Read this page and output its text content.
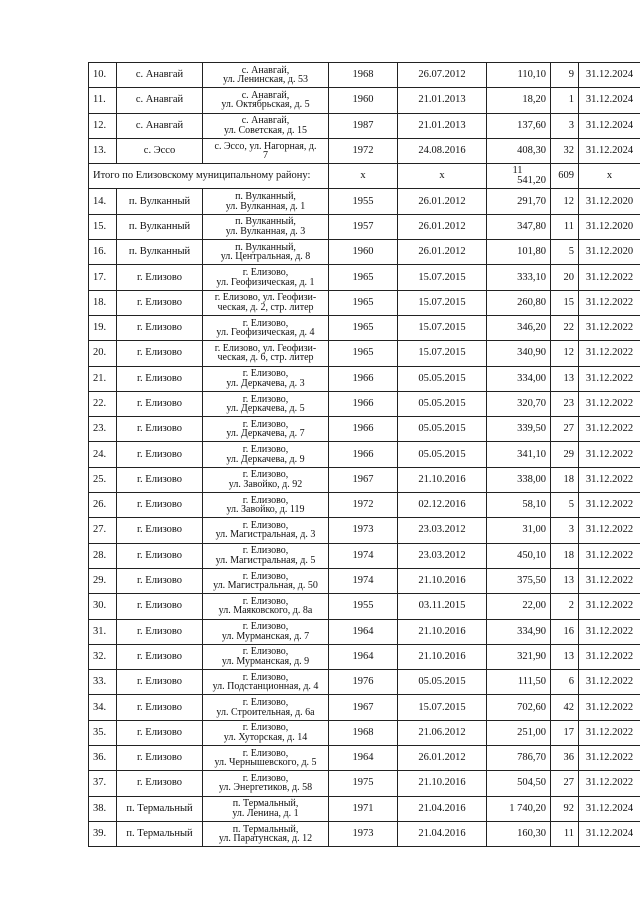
10.	с. Анавгай	с. Анавгай,
ул. Ленинская, д. 53	1968	26.07.2012	110,10	9	31.12.2024
11.	с. Анавгай	с. Анавгай,
ул. Октябрьская, д. 5	1960	21.01.2013	18,20	1	31.12.2024
12.	с. Анавгай	с. Анавгай,
ул. Советская, д. 15	1987	21.01.2013	137,60	3	31.12.2024
13.	с. Эссо	с. Эссо, ул. Нагорная, д.
7	1972	24.08.2016	408,30	32	31.12.2024
Итого по Елизовскому муниципальному району:			х	х	11
541,20	609	х
14.	п. Вулканный	п. Вулканный,
ул. Вулканная, д. 1	1955	26.01.2012	291,70	12	31.12.2020
15.	п. Вулканный	п. Вулканный,
ул. Вулканная, д. 3	1957	26.01.2012	347,80	11	31.12.2020
16.	п. Вулканный	п. Вулканный,
ул. Центральная, д. 8	1960	26.01.2012	101,80	5	31.12.2020
17.	г. Елизово	г. Елизово,
ул. Геофизическая, д. 1	1965	15.07.2015	333,10	20	31.12.2022
18.	г. Елизово	г. Елизово, ул. Геофизи-
ческая, д. 2, стр. литер	1965	15.07.2015	260,80	15	31.12.2022
19.	г. Елизово	г. Елизово,
ул. Геофизическая, д. 4	1965	15.07.2015	346,20	22	31.12.2022
20.	г. Елизово	г. Елизово, ул. Геофизи-
ческая, д. 6, стр. литер	1965	15.07.2015	340,90	12	31.12.2022
21.	г. Елизово	г. Елизово,
ул. Деркачева, д. 3	1966	05.05.2015	334,00	13	31.12.2022
22.	г. Елизово	г. Елизово,
ул. Деркачева, д. 5	1966	05.05.2015	320,70	23	31.12.2022
23.	г. Елизово	г. Елизово,
ул. Деркачева, д. 7	1966	05.05.2015	339,50	27	31.12.2022
24.	г. Елизово	г. Елизово,
ул. Деркачева, д. 9	1966	05.05.2015	341,10	29	31.12.2022
25.	г. Елизово	г. Елизово,
ул. Завойко, д. 92	1967	21.10.2016	338,00	18	31.12.2022
26.	г. Елизово	г. Елизово,
ул. Завойко, д. 119	1972	02.12.2016	58,10	5	31.12.2022
27.	г. Елизово	г. Елизово,
ул. Магистральная, д. 3	1973	23.03.2012	31,00	3	31.12.2022
28.	г. Елизово	г. Елизово,
ул. Магистральная, д. 5	1974	23.03.2012	450,10	18	31.12.2022
29.	г. Елизово	г. Елизово,
ул. Магистральная, д. 50	1974	21.10.2016	375,50	13	31.12.2022
30.	г. Елизово	г. Елизово,
ул. Маяковского, д. 8а	1955	03.11.2015	22,00	2	31.12.2022
31.	г. Елизово	г. Елизово,
ул. Мурманская, д. 7	1964	21.10.2016	334,90	16	31.12.2022
32.	г. Елизово	г. Елизово,
ул. Мурманская, д. 9	1964	21.10.2016	321,90	13	31.12.2022
33.	г. Елизово	г. Елизово,
ул. Подстанционная, д. 4	1976	05.05.2015	111,50	6	31.12.2022
34.	г. Елизово	г. Елизово,
ул. Строительная, д. 6а	1967	15.07.2015	702,60	42	31.12.2022
35.	г. Елизово	г. Елизово,
ул. Хуторская, д. 14	1968	21.06.2012	251,00	17	31.12.2022
36.	г. Елизово	г. Елизово,
ул. Чернышевского, д. 5	1964	26.01.2012	786,70	36	31.12.2022
37.	г. Елизово	г. Елизово,
ул. Энергетиков, д. 58	1975	21.10.2016	504,50	27	31.12.2022
38.	п. Термальный	п. Термальный,
ул. Ленина, д. 1	1971	21.04.2016	1 740,20	92	31.12.2024
39.	п. Термальный	п. Термальный,
ул. Паратунская, д. 12	1973	21.04.2016	160,30	11	31.12.2024
